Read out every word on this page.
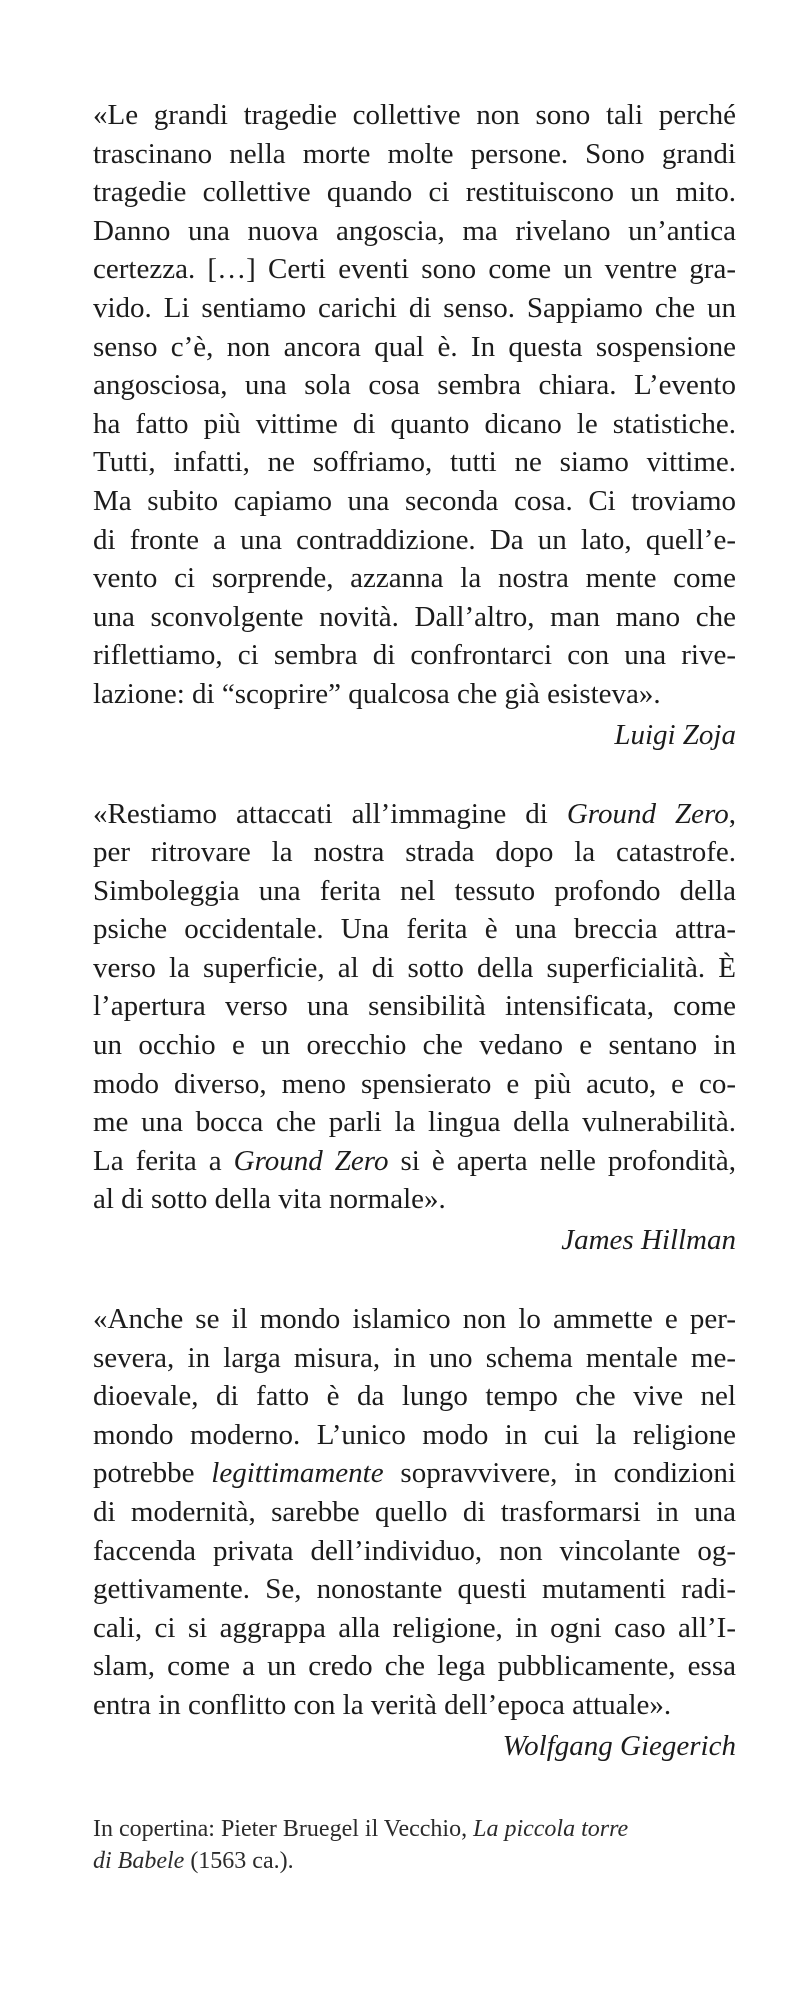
«Le grandi tragedie collettive non sono tali perché
trascinano nella morte molte persone. Sono grandi
tragedie collettive quando ci restituiscono un mito.
Danno una nuova angoscia, ma rivelano un’antica
certezza. […] Certi eventi sono come un ventre gra-
vido. Li sentiamo carichi di senso. Sappiamo che un
senso c’è, non ancora qual è. In questa sospensione
angosciosa, una sola cosa sembra chiara. L’evento
ha fatto più vittime di quanto dicano le statistiche.
Tutti, infatti, ne soffriamo, tutti ne siamo vittime.
Ma subito capiamo una seconda cosa. Ci troviamo
di fronte a una contraddizione. Da un lato, quell’e-
vento ci sorprende, azzanna la nostra mente come
una sconvolgente novità. Dall’altro, man mano che
riflettiamo, ci sembra di confrontarci con una rive-
lazione: di “scoprire” qualcosa che già esisteva».
Luigi Zoja
«Restiamo attaccati all’immagine di Ground Zero,
per ritrovare la nostra strada dopo la catastrofe.
Simboleggia una ferita nel tessuto profondo della
psiche occidentale. Una ferita è una breccia attra-
verso la superficie, al di sotto della superficialità. È
l’apertura verso una sensibilità intensificata, come
un occhio e un orecchio che vedano e sentano in
modo diverso, meno spensierato e più acuto, e co-
me una bocca che parli la lingua della vulnerabilità.
La ferita a Ground Zero si è aperta nelle profondità,
al di sotto della vita normale».
James Hillman
«Anche se il mondo islamico non lo ammette e per-
severa, in larga misura, in uno schema mentale me-
dioevale, di fatto è da lungo tempo che vive nel
mondo moderno. L’unico modo in cui la religione
potrebbe legittimamente sopravvivere, in condizioni
di modernità, sarebbe quello di trasformarsi in una
faccenda privata dell’individuo, non vincolante og-
gettivamente. Se, nonostante questi mutamenti radi-
cali, ci si aggrappa alla religione, in ogni caso all’I-
slam, come a un credo che lega pubblicamente, essa
entra in conflitto con la verità dell’epoca attuale».
Wolfgang Giegerich
In copertina: Pieter Bruegel il Vecchio, La piccola torre
di Babele (1563 ca.).
